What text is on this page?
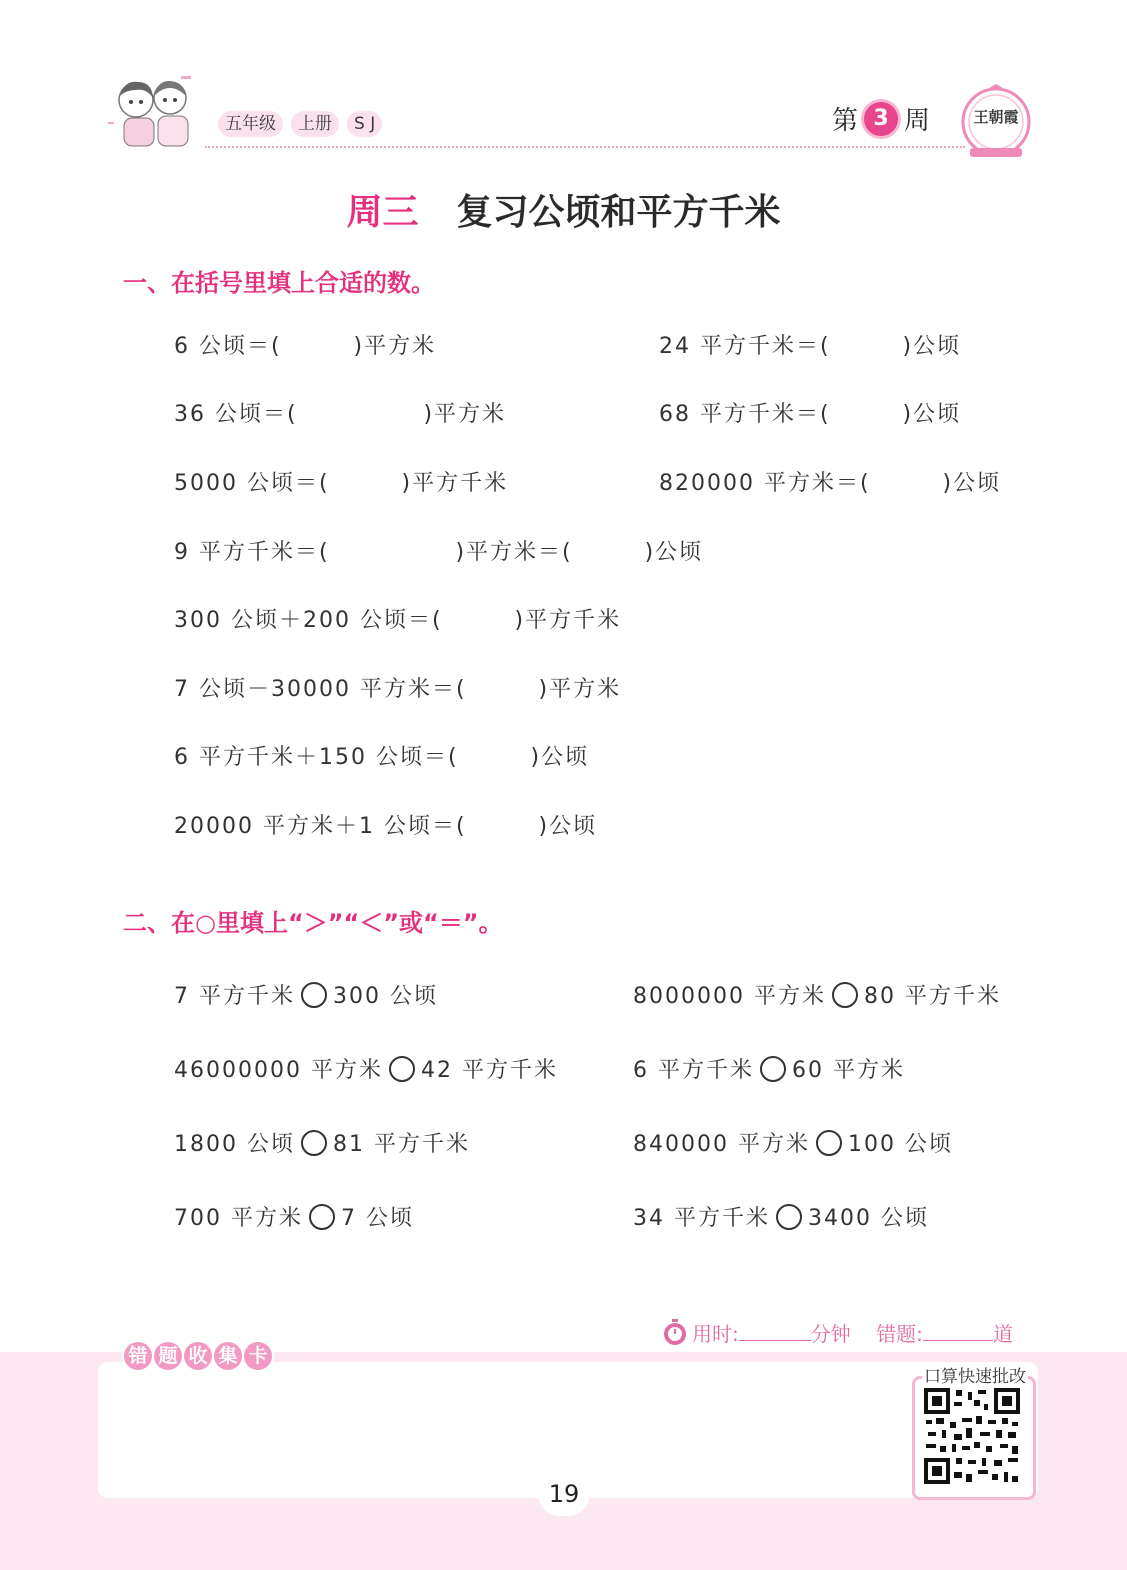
五年级	上册	S J	第 3 周	王朝霞
周三 复习公顷和平方千米
一、在括号里填上合适的数。
6 公顷＝(        )平方米	24 平方千米＝(        )公顷
36 公顷＝(              )平方米	68 平方千米＝(        )公顷
5000 公顷＝(        )平方千米	820000 平方米＝(        )公顷
9 平方千米＝(              )平方米＝(        )公顷
300 公顷＋200 公顷＝(        )平方千米
7 公顷－30000 平方米＝(        )平方米
6 平方千米＋150 公顷＝(        )公顷
20000 平方米＋1 公顷＝(        )公顷
二、在○里填上“＞”“＜”或“＝”。
7 平方千米 300 公顷	8000000 平方米 80 平方千米
46000000 平方米 42 平方千米	6 平方千米 60 平方米
1800 公顷 81 平方千米	840000 平方米 100 公顷
700 平方米 7 公顷	34 平方千米 3400 公顷
用时:	分钟 错题:	道
错 题 收 集 卡
口算快速批改
19
